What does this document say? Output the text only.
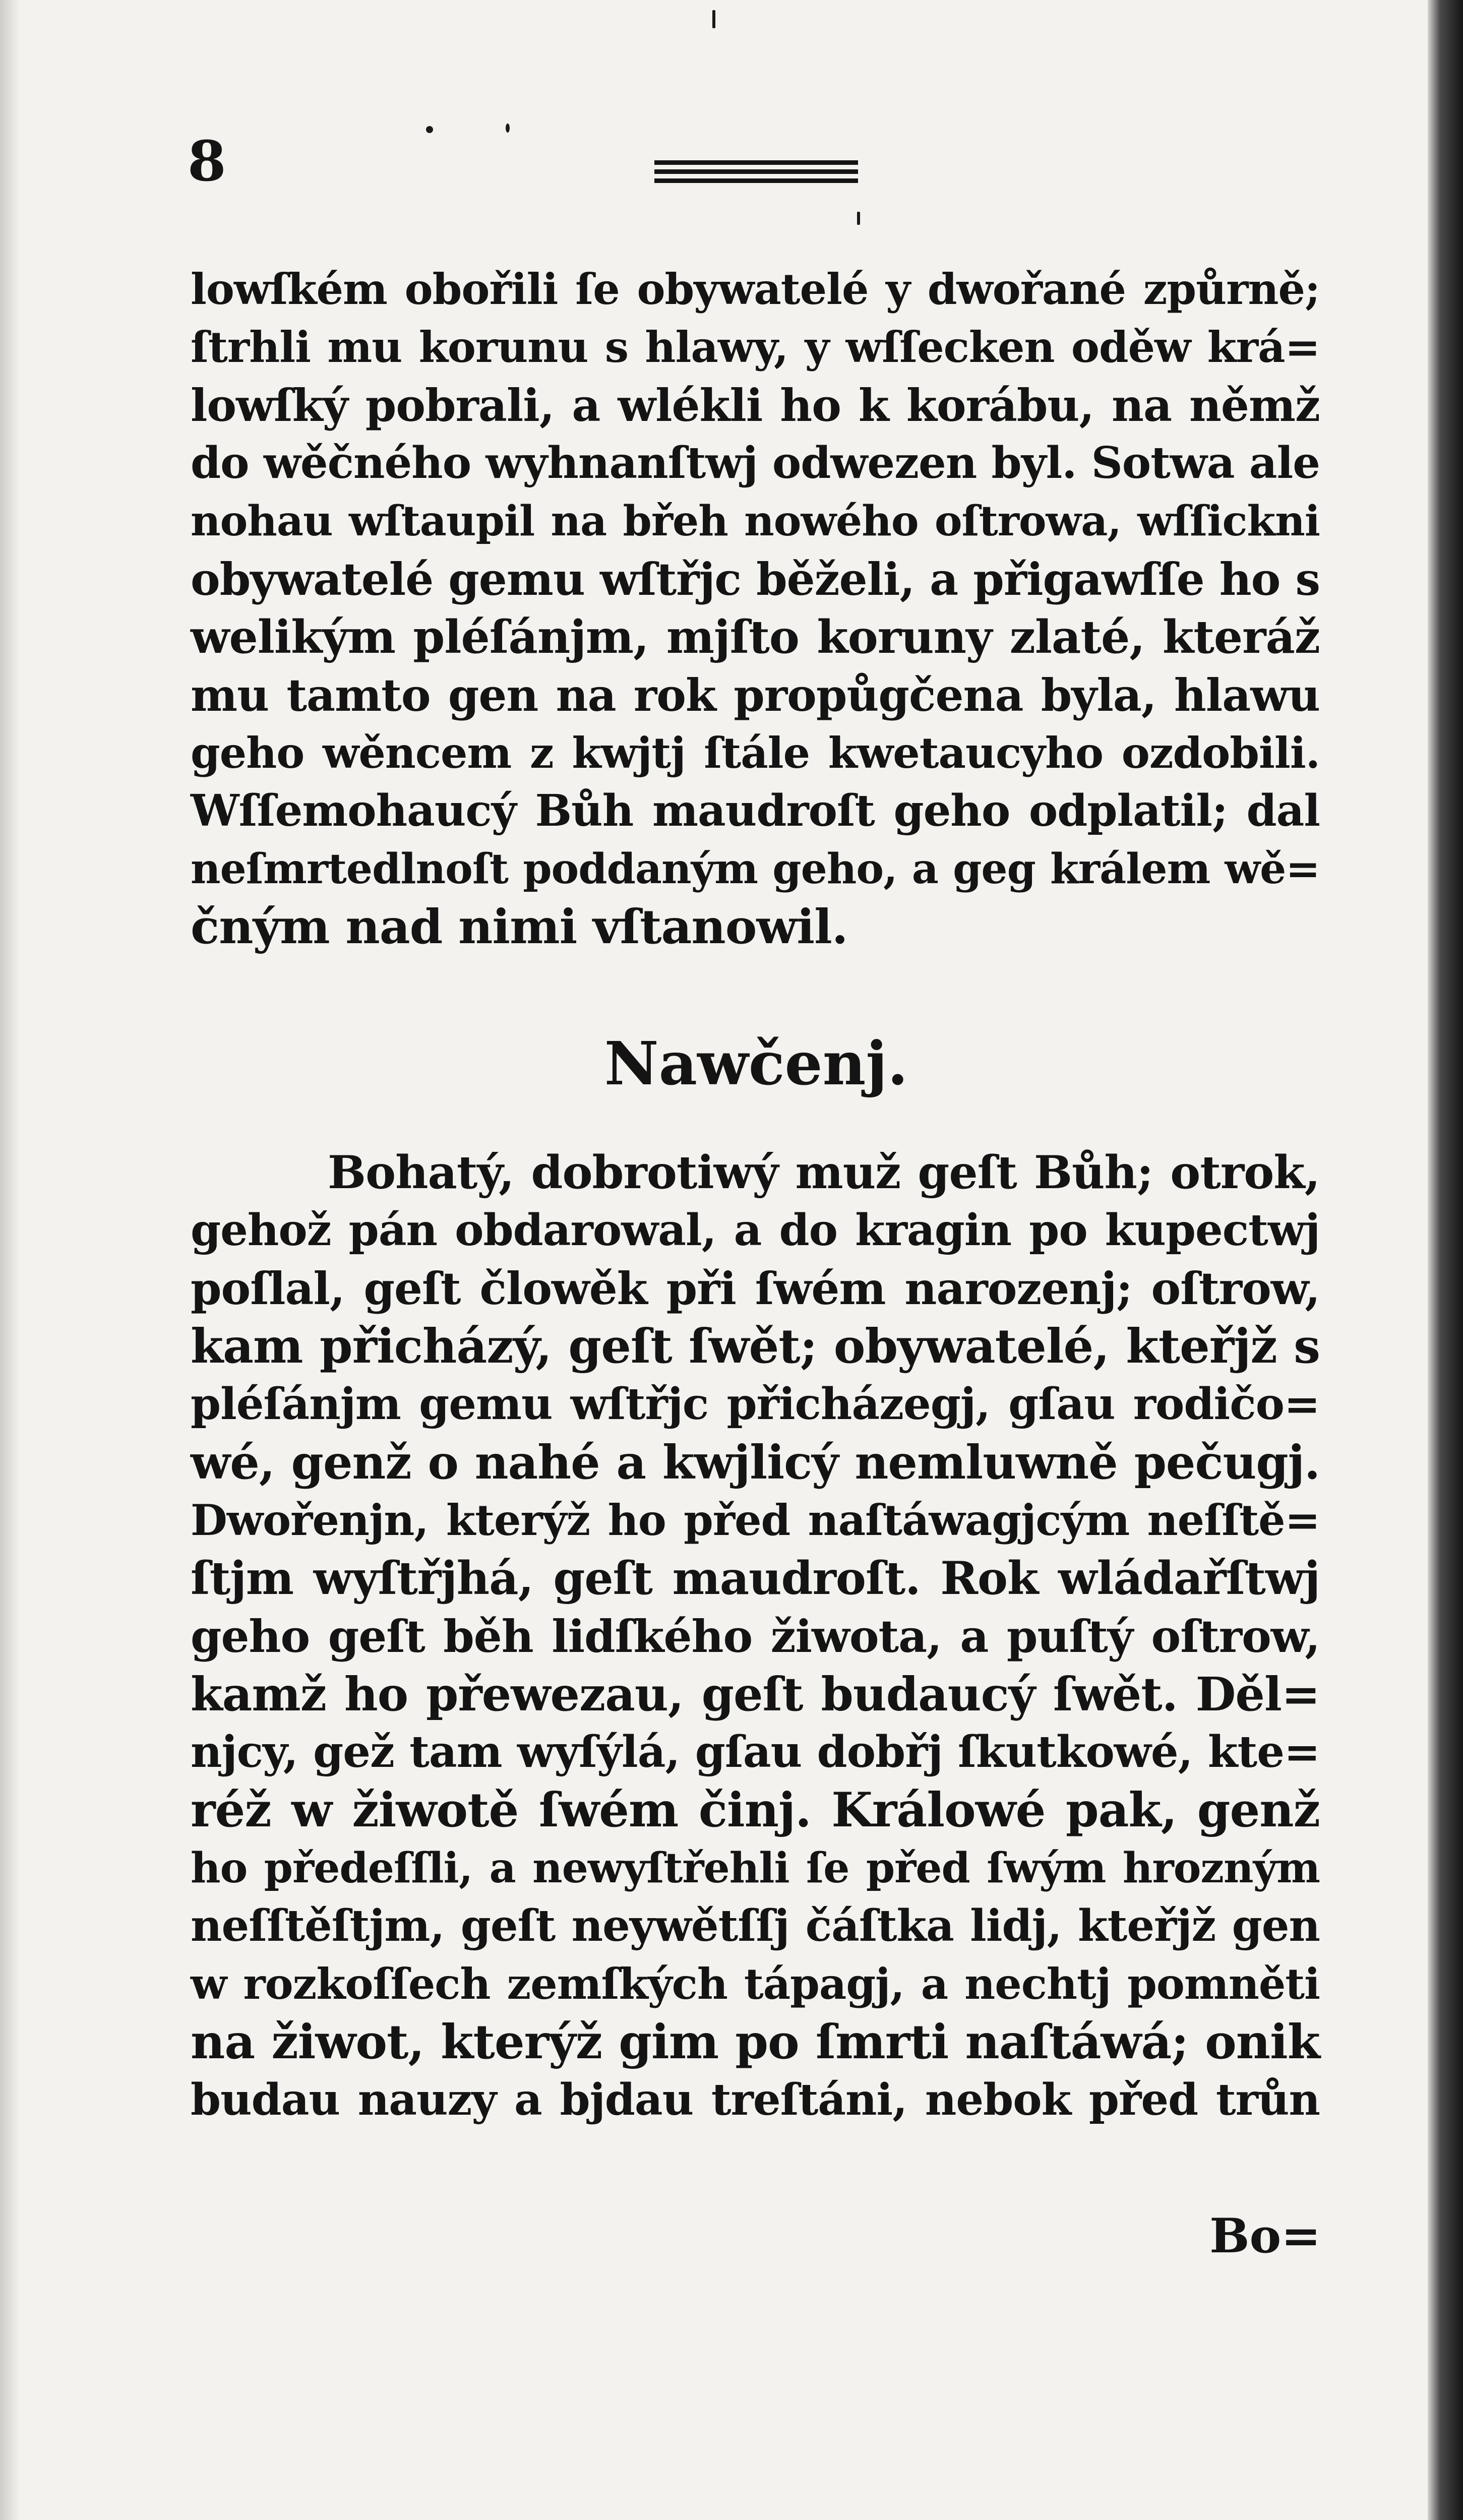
8
lowſkém obořili ſe obywatelé y dwořané způrně;
ſtrhli mu korunu s hlawy, y wſſecken oděw krá=
lowſký pobrali, a wlékli ho k korábu, na němž
do wěčného wyhnanſtwj odwezen byl. Sotwa ale
nohau wſtaupil na břeh nowého oſtrowa, wſſickni
obywatelé gemu wſtřjc běželi, a přigawſſe ho s
welikým pléſánjm, mjſto koruny zlaté, kteráž
mu tamto gen na rok propůgčena byla, hlawu
geho wěncem z kwjtj ſtále kwetaucyho ozdobili.
Wſſemohaucý Bůh maudroſt geho odplatil; dal
neſmrtedlnoſt poddaným geho, a geg králem wě=
čným nad nimi vſtanowil.
Nawčenj.
Bohatý, dobrotiwý muž geſt Bůh; otrok,
gehož pán obdarowal, a do kragin po kupectwj
poſlal, geſt člowěk při ſwém narozenj; oſtrow,
kam přicházý, geſt ſwět; obywatelé, kteřjž s
pléſánjm gemu wſtřjc přicházegj, gſau rodičo=
wé, genž o nahé a kwjlicý nemluwně pečugj.
Dwořenjn, kterýž ho před naſtáwagjcým neſſtě=
ſtjm wyſtřjhá, geſt maudroſt. Rok wládařſtwj
geho geſt běh lidſkého žiwota, a puſtý oſtrow,
kamž ho přewezau, geſt budaucý ſwět. Děl=
njcy, gež tam wyſýlá, gſau dobřj ſkutkowé, kte=
réž w žiwotě ſwém činj. Králowé pak, genž
ho předeſſli, a newyſtřehli ſe před ſwým hrozným
neſſtěſtjm, geſt neywětſſj čáſtka lidj, kteřjž gen
w rozkoſſech zemſkých tápagj, a nechtj pomněti
na žiwot, kterýž gim po ſmrti naſtáwá; onik
budau nauzy a bjdau treſtáni, nebok před trůn
Bo=
